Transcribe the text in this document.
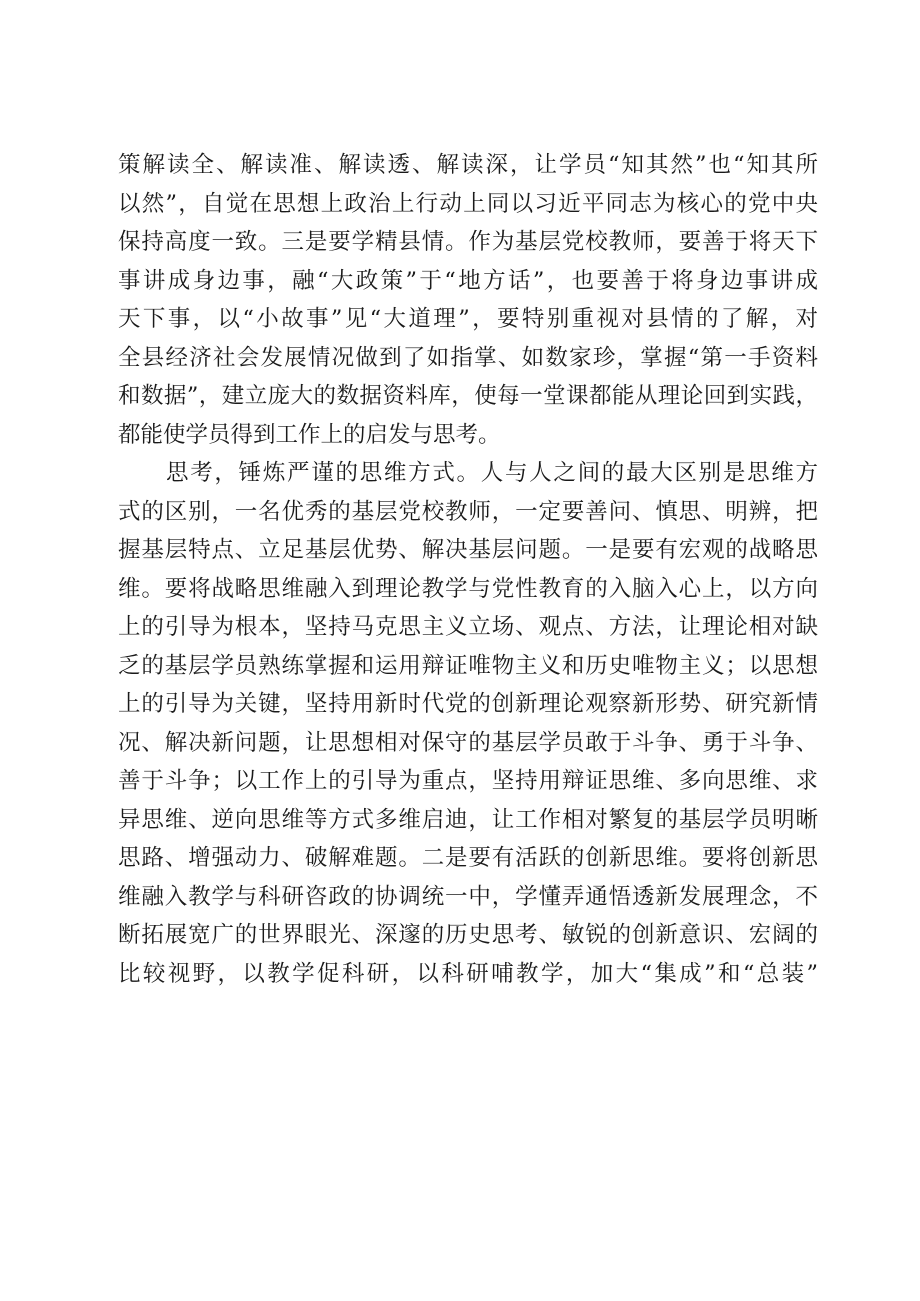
策解读全、解读准、解读透、解读深，让学员“知其然”也“知其所
以然”，自觉在思想上政治上行动上同以习近平同志为核心的党中央
保持高度一致。三是要学精县情。作为基层党校教师，要善于将天下
事讲成身边事，融“大政策”于“地方话”，也要善于将身边事讲成
天下事，以“小故事”见“大道理”，要特别重视对县情的了解，对
全县经济社会发展情况做到了如指掌、如数家珍，掌握“第一手资料
和数据”，建立庞大的数据资料库，使每一堂课都能从理论回到实践，
都能使学员得到工作上的启发与思考。
思考，锤炼严谨的思维方式。人与人之间的最大区别是思维方
式的区别，一名优秀的基层党校教师，一定要善问、慎思、明辨，把
握基层特点、立足基层优势、解决基层问题。一是要有宏观的战略思
维。要将战略思维融入到理论教学与党性教育的入脑入心上，以方向
上的引导为根本，坚持马克思主义立场、观点、方法，让理论相对缺
乏的基层学员熟练掌握和运用辩证唯物主义和历史唯物主义；以思想
上的引导为关键，坚持用新时代党的创新理论观察新形势、研究新情
况、解决新问题，让思想相对保守的基层学员敢于斗争、勇于斗争、
善于斗争；以工作上的引导为重点，坚持用辩证思维、多向思维、求
异思维、逆向思维等方式多维启迪，让工作相对繁复的基层学员明晰
思路、增强动力、破解难题。二是要有活跃的创新思维。要将创新思
维融入教学与科研咨政的协调统一中，学懂弄通悟透新发展理念，不
断拓展宽广的世界眼光、深邃的历史思考、敏锐的创新意识、宏阔的
比较视野，以教学促科研，以科研哺教学，加大“集成”和“总装”
